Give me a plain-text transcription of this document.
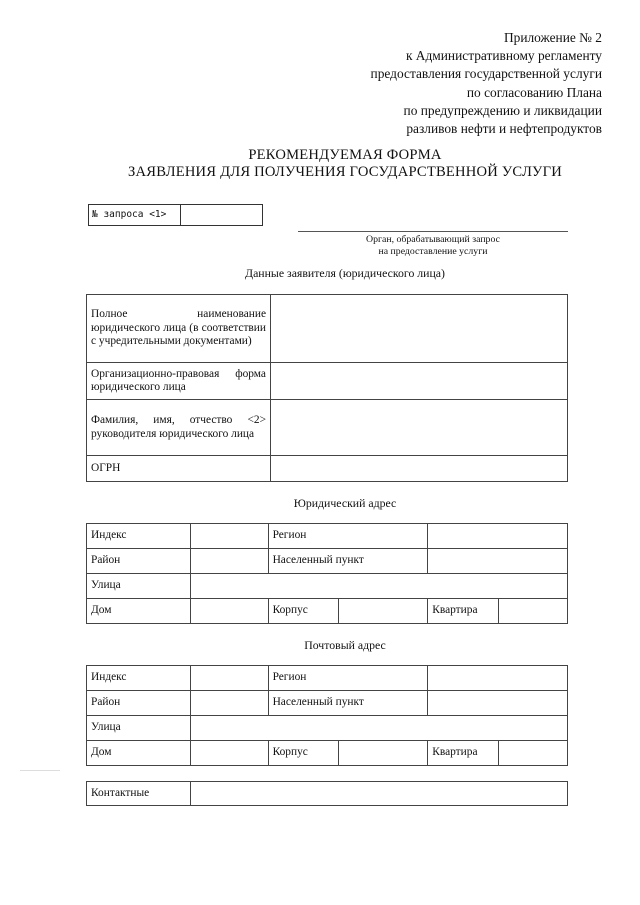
Приложение № 2
к Административному регламенту
предоставления государственной услуги
по согласованию Плана
по предупреждению и ликвидации
разливов нефти и нефтепродуктов
РЕКОМЕНДУЕМАЯ ФОРМА
ЗАЯВЛЕНИЯ ДЛЯ ПОЛУЧЕНИЯ ГОСУДАРСТВЕННОЙ УСЛУГИ
№ запроса <1>
Орган, обрабатывающий запрос
на предоставление услуги
Данные заявителя (юридического лица)
Полное наименование юридического лица (в соответствии с учредительными документами)	
Организационно-правовая форма юридического лица	
Фамилия, имя, отчество <2> руководителя юридического лица	
ОГРН	
Юридический адрес
Индекс		Регион			
Район		Населенный пункт			
Улица					
Дом		Корпус		Квартира	
Почтовый адрес
Индекс		Регион			
Район		Населенный пункт			
Улица					
Дом		Корпус		Квартира	
Контактные	
